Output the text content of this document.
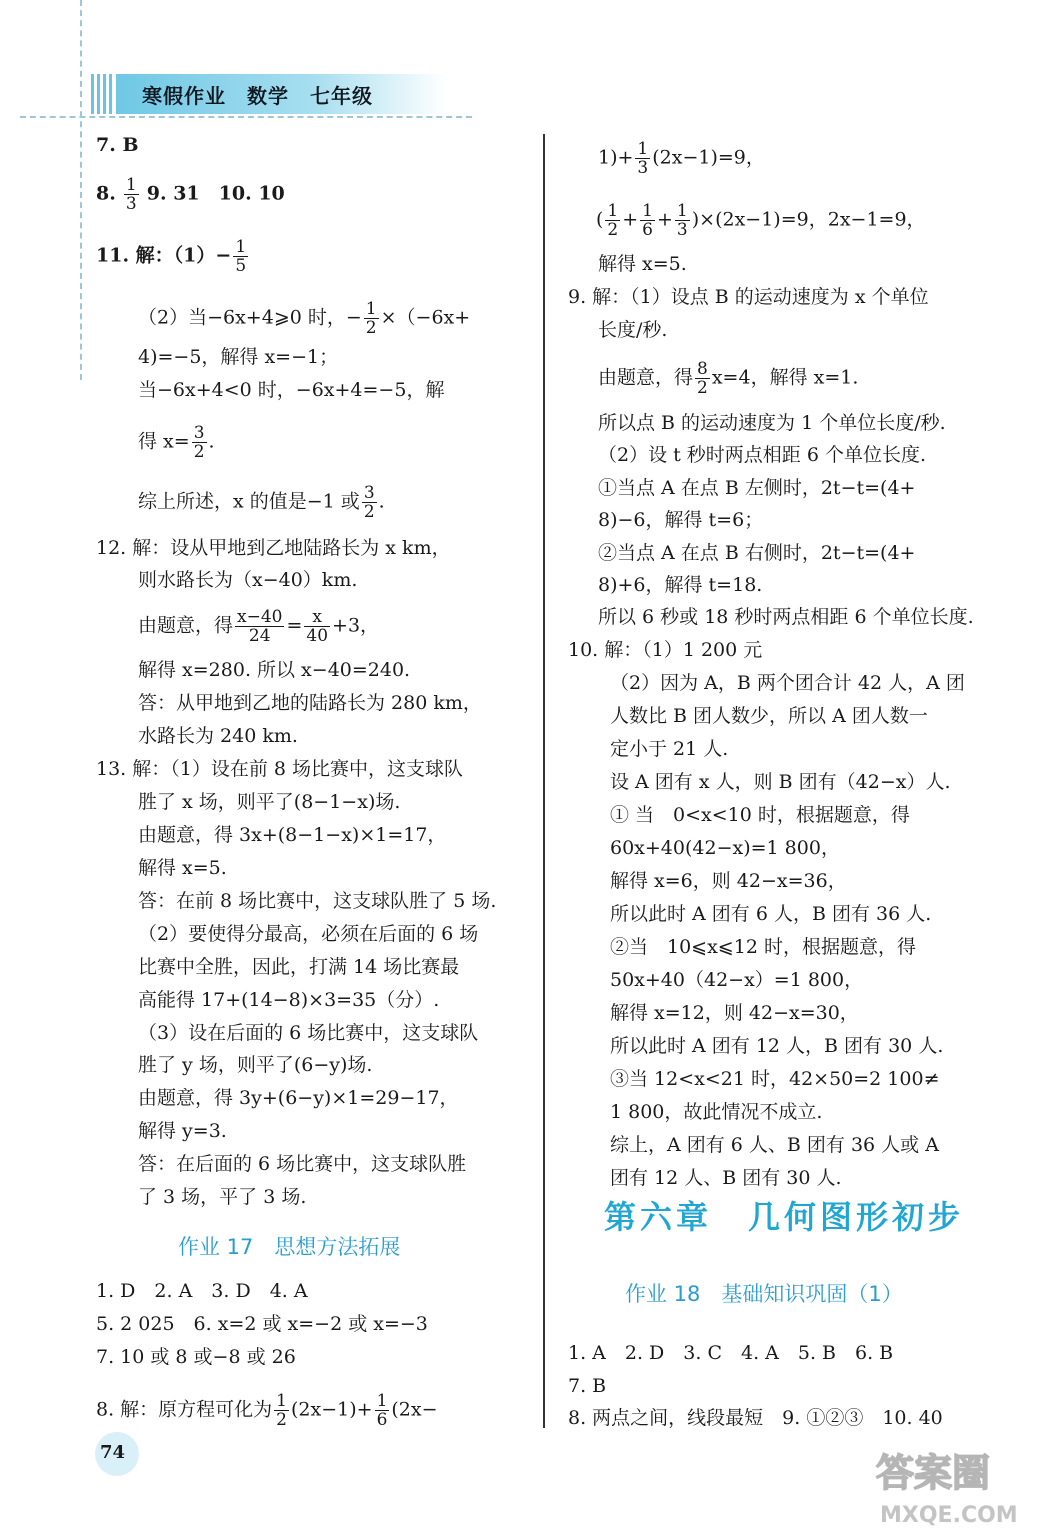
寒假作业　数学　七年级
7. B
8. $\frac{1}{3} 9$. 31　10. 10
11. 解：$(1)- \frac{1}{5}$
（2）当−6x+4⩾0 时，− $\frac{1}{2} \times(-6x+$
4)=−5，解得 x=−1；
当−6x+4<0 时，−6x+4=−5，解
得 $x= \frac{3}{2}$ .
综上所述，x 的值是−1 或 $\frac{3}{2}$ .
12. 解：设从甲地到乙地陆路长为 x km，
则水路长为（x−40）km.
由题意，得 $\frac{x-40}{24} = \frac{x}{40} +3$，
解得 x=280. 所以 x−40=240.
答：从甲地到乙地的陆路长为 280 km，
水路长为 240 km.
13. 解：（1）设在前 8 场比赛中，这支球队
胜了 x 场，则平了(8−1−x)场.
由题意，得 3x+(8−1−x)×1=17，
解得 x=5.
答：在前 8 场比赛中，这支球队胜了 5 场.
（2）要使得分最高，必须在后面的 6 场
比赛中全胜，因此，打满 14 场比赛最
高能得 17+(14−8)×3=35（分）.
（3）设在后面的 6 场比赛中，这支球队
胜了 y 场，则平了(6−y)场.
由题意，得 3y+(6−y)×1=29−17，
解得 y=3.
答：在后面的 6 场比赛中，这支球队胜
了 3 场，平了 3 场.
作业 17　思想方法拓展
1. D　2. A　3. D　4. A
5. 2 025　6. x=2 或 x=−2 或 x=−3
7. 10 或 8 或−8 或 26
8. 解：原方程可化为 $\frac{1}{2} (2x-1)+ \frac{1}{6} (2x-$
$1)+ \frac{1}{3} (2x-1)=9$，
( $\frac{1}{2} + \frac{1}{6} + \frac{1}{3} )\times(2x-1)=9$，2x−1=9，
解得 x=5.
9. 解：（1）设点 B 的运动速度为 x 个单位
长度/秒.
由题意，得 $\frac{8}{2} x=4$，解得 x=1.
所以点 B 的运动速度为 1 个单位长度/秒.
（2）设 t 秒时两点相距 6 个单位长度.
①当点 A 在点 B 左侧时，2t−t=(4+
8)−6，解得 t=6；
②当点 A 在点 B 右侧时，2t−t=(4+
8)+6，解得 t=18.
所以 6 秒或 18 秒时两点相距 6 个单位长度.
10. 解：（1）1 200 元
（2）因为 A，B 两个团合计 42 人，A 团
人数比 B 团人数少，所以 A 团人数一
定小于 21 人.
设 A 团有 x 人，则 B 团有（42−x）人.
① 当　0<x<10 时，根据题意，得
60x+40(42−x)=1 800，
解得 x=6，则 42−x=36，
所以此时 A 团有 6 人，B 团有 36 人.
②当　10⩽x⩽12 时，根据题意，得
50x+40（42−x）=1 800，
解得 x=12，则 42−x=30，
所以此时 A 团有 12 人，B 团有 30 人.
③当 12<x<21 时，42×50=2 100≠
1 800，故此情况不成立.
综上，A 团有 6 人、B 团有 36 人或 A
团有 12 人、B 团有 30 人.
第六章　几何图形初步
作业 18　基础知识巩固（1）
1. A　2. D　3. C　4. A　5. B　6. B
7. B
8. 两点之间，线段最短　9. ①②③　10. 40
74	答案圈
MXQE.COM
